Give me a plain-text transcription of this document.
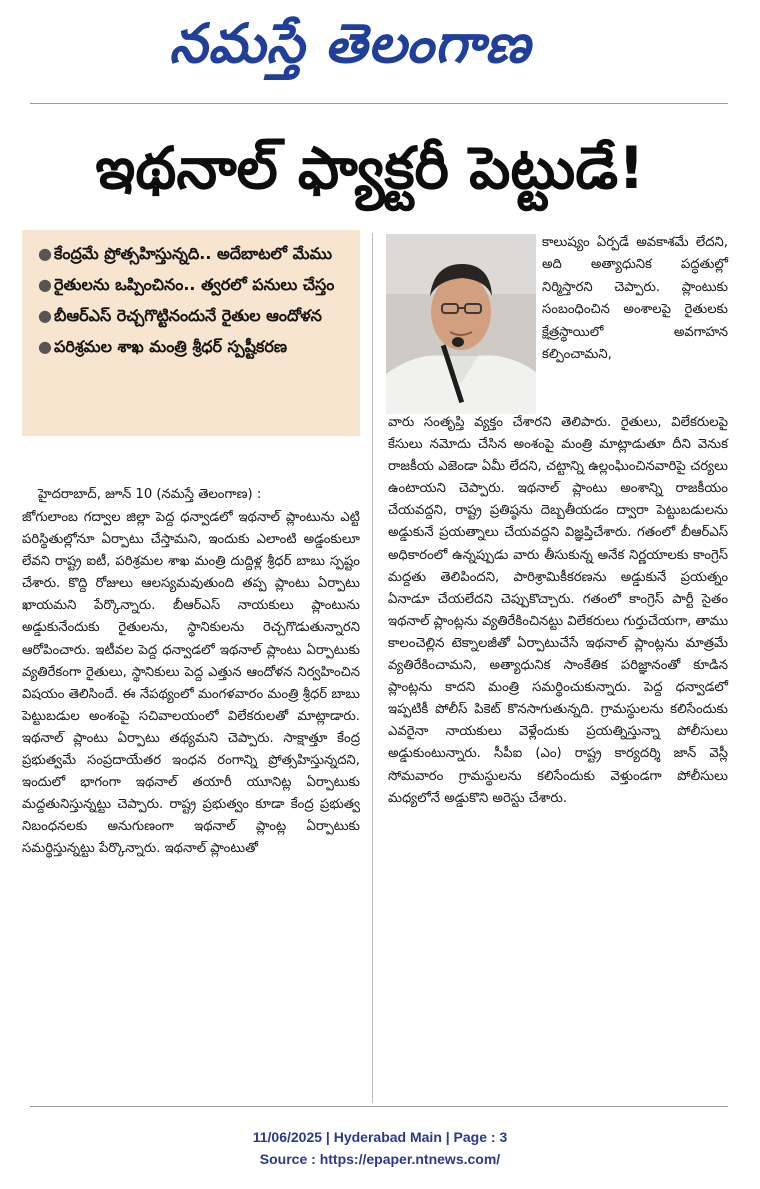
నమస్తే తెలంగాణ
ఇథనాల్ ఫ్యాక్టరీ పెట్టుడే!
● కేంద్రమే ప్రోత్సహిస్తున్నది.. అదేబాటలో మేము
● రైతులను ఒప్పించినం.. త్వరలో పనులు చేస్తం
● బీఆర్ఎస్ రెచ్చగొట్టినందునే రైతుల ఆందోళన
● పరిశ్రమల శాఖ మంత్రి శ్రీధర్ స్పష్టీకరణ
హైదరాబాద్, జూన్ 10 (నమస్తే తెలంగాణ) :

జోగులాంబ గద్వాల జిల్లా పెద్ద ధన్వాడలో ఇథనాల్ ప్లాంటును ఎట్టి పరిస్థితుల్లోనూ ఏర్పాటు చేస్తామని, ఇందుకు ఎలాంటి అడ్డంకులూ లేవని రాష్ట్ర ఐటీ, పరిశ్రమల శాఖ మంత్రి దుద్దిళ్ల శ్రీధర్ బాబు స్పష్టం చేశారు. కొద్ది రోజులు ఆలస్యమవుతుంది తప్ప ప్లాంటు ఏర్పాటు ఖాయమని పేర్కొన్నారు. బీఆర్ఎస్ నాయకులు ప్లాంటును అడ్డుకునేందుకు రైతులను, స్థానికులను రెచ్చగొడుతున్నారని ఆరోపించారు. ఇటీవల పెద్ద ధన్వాడలో ఇథనాల్ ప్లాంటు ఏర్పాటుకు వ్యతిరేకంగా రైతులు, స్థానికులు పెద్ద ఎత్తున ఆందోళన నిర్వహించిన విషయం తెలిసిందే. ఈ నేపథ్యంలో మంగళవారం మంత్రి శ్రీధర్ బాబు పెట్టుబడుల అంశంపై సచివాలయంలో విలేకరులతో మాట్లాడారు. ఇథనాల్ ప్లాంటు ఏర్పాటు తథ్యమని చెప్పారు. సాక్షాత్తూ కేంద్ర ప్రభుత్వమే సంప్రదాయేతర ఇంధన రంగాన్ని ప్రోత్సహిస్తున్నదని, ఇందులో భాగంగా ఇథనాల్ తయారీ యూనిట్ల ఏర్పాటుకు మద్దతునిస్తున్నట్టు చెప్పారు. రాష్ట్ర ప్రభుత్వం కూడా కేంద్ర ప్రభుత్వ నిబంధనలకు అనుగుణంగా ఇథనాల్ ప్లాంట్ల ఏర్పాటుకు సమర్థిస్తున్నట్టు పేర్కొన్నారు. ఇథనాల్ ప్లాంటుతో

కాలుష్యం ఏర్పడే అవకాశమే లేదని, అది అత్యాధునిక పద్ధతుల్లో నిర్మిస్తారని చెప్పారు. ప్లాంటుకు సంబంధించిన అంశాలపై రైతులకు క్షేత్రస్థాయిలో అవగాహన కల్పించామని,
వారు సంతృప్తి వ్యక్తం చేశారని తెలిపారు. రైతులు, విలేకరులపై కేసులు నమోదు చేసిన అంశంపై మంత్రి మాట్లాడుతూ దీని వెనుక రాజకీయ ఎజెండా ఏమీ లేదని, చట్టాన్ని ఉల్లంఘించినవారిపై చర్యలు ఉంటాయని చెప్పారు. ఇథనాల్ ప్లాంటు అంశాన్ని రాజకీయం చేయవద్దని, రాష్ట్ర ప్రతిష్ఠను దెబ్బతీయడం ద్వారా పెట్టుబడులను అడ్డుకునే ప్రయత్నాలు చేయవద్దని విజ్ఞప్తిచేశారు. గతంలో బీఆర్ఎస్ అధికారంలో ఉన్నప్పుడు వారు తీసుకున్న అనేక నిర్ణయాలకు కాంగ్రెస్ మద్దతు తెలిపిందని, పారిశ్రామికీకరణను అడ్డుకునే ప్రయత్నం ఏనాడూ చేయలేదని చెప్పుకొచ్చారు. గతంలో కాంగ్రెస్ పార్టీ సైతం ఇథనాల్ ప్లాంట్లను వ్యతిరేకించినట్టు విలేకరులు గుర్తుచేయగా, తాము కాలంచెల్లిన టెక్నాలజీతో ఏర్పాటుచేసే ఇథనాల్ ప్లాంట్లను మాత్రమే వ్యతిరేకించామని, అత్యాధునిక సాంకేతిక పరిజ్ఞానంతో కూడిన ప్లాంట్లను కాదని మంత్రి సమర్థించుకున్నారు. పెద్ద ధన్వాడలో ఇప్పటికీ పోలీస్ పికెట్ కొనసాగుతున్నది. గ్రామస్థులను కలిసేందుకు ఎవరైనా నాయకులు వెళ్లేందుకు ప్రయత్నిస్తున్నా పోలీసులు అడ్డుకుంటున్నారు. సీపీఐ (ఎం) రాష్ట్ర కార్యదర్శి జాన్ వెస్లీ సోమవారం గ్రామస్థులను కలిసేందుకు వెళ్తుండగా పోలీసులు మధ్యలోనే అడ్డుకొని అరెస్టు చేశారు.
11/06/2025 | Hyderabad Main | Page : 3
Source : https://epaper.ntnews.com/
